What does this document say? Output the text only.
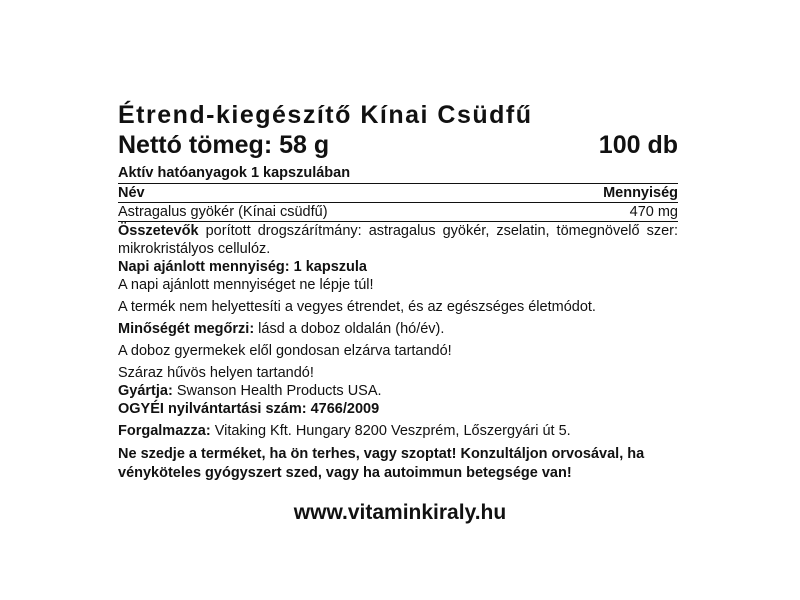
Étrend-kiegészítő Kínai Csüdfű
Nettó tömeg: 58 g	100 db
Aktív hatóanyagok 1 kapszulában
Név	Mennyiség
Astragalus gyökér (Kínai csüdfű)	470 mg

Összetevők porított drogszárítmány: astragalus gyökér, zselatin, tömegnövelő szer: mikrokristályos cellulóz.

Napi ajánlott mennyiség: 1 kapszula

A napi ajánlott mennyiséget ne lépje túl!

A termék nem helyettesíti a vegyes étrendet, és az egészséges életmódot.

Minőségét megőrzi: lásd a doboz oldalán (hó/év).

A doboz gyermekek elől gondosan elzárva tartandó!

Száraz hűvös helyen tartandó!

Gyártja: Swanson Health Products USA.

OGYÉI nyilvántartási szám: 4766/2009

Forgalmazza: Vitaking Kft. Hungary 8200 Veszprém, Lőszergyári út 5.

Ne szedje a terméket, ha ön terhes, vagy szoptat! Konzultáljon orvosával, ha vényköteles gyógyszert szed, vagy ha autoimmun betegsége van!

www.vitaminkiraly.hu
